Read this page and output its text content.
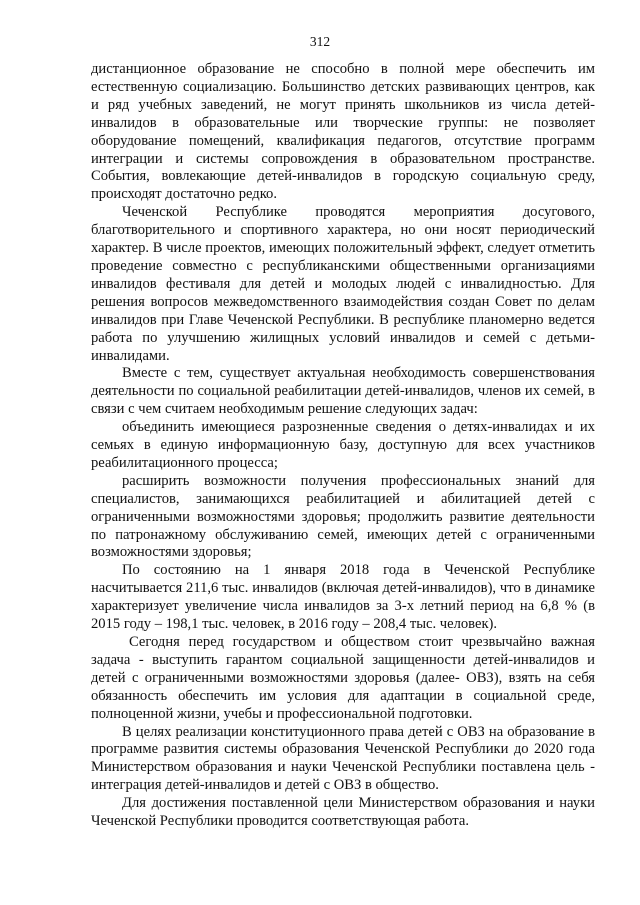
312

дистанционное образование не способно в полной мере обеспечить им естественную социализацию. Большинство детских развивающих центров, как и ряд учебных заведений, не могут принять школьников из числа детей-инвалидов в образовательные или творческие группы: не позволяет оборудование помещений, квалификация педагогов, отсутствие программ интеграции и системы сопровождения в образовательном пространстве. События, вовлекающие детей-инвалидов в городскую социальную среду, происходят достаточно редко.

Чеченской Республике проводятся мероприятия досугового, благотворительного и спортивного характера, но они носят периодический характер. В числе проектов, имеющих положительный эффект, следует отметить проведение совместно с республиканскими общественными организациями инвалидов фестиваля для детей и молодых людей с инвалидностью. Для решения вопросов межведомственного взаимодействия создан Совет по делам инвалидов при Главе Чеченской Республики. В республике планомерно ведется работа по улучшению жилищных условий инвалидов и семей с детьми-инвалидами.

Вместе с тем, существует актуальная необходимость совершенствования деятельности по социальной реабилитации детей-инвалидов, членов их семей, в связи с чем считаем необходимым решение следующих задач:

объединить имеющиеся разрозненные сведения о детях-инвалидах и их семьях в единую информационную базу, доступную для всех участников реабилитационного процесса;

расширить возможности получения профессиональных знаний для специалистов, занимающихся реабилитацией и абилитацией детей с ограниченными возможностями здоровья; продолжить развитие деятельности по патронажному обслуживанию семей, имеющих детей с ограниченными возможностями здоровья;

По состоянию на 1 января 2018 года в Чеченской Республике насчитывается 211,6 тыс. инвалидов (включая детей-инвалидов), что в динамике характеризует увеличение числа инвалидов за 3-х летний период на 6,8 % (в 2015 году – 198,1 тыс. человек, в 2016 году – 208,4 тыс. человек).

Сегодня перед государством и обществом стоит чрезвычайно важная задача - выступить гарантом социальной защищенности детей-инвалидов и детей с ограниченными возможностями здоровья (далее- ОВЗ), взять на себя обязанность обеспечить им условия для адаптации в социальной среде, полноценной жизни, учебы и профессиональной подготовки.

В целях реализации конституционного права детей с ОВЗ на образование в программе развития системы образования Чеченской Республики до 2020 года Министерством образования и науки Чеченской Республики поставлена цель - интеграция детей-инвалидов и детей с ОВЗ в общество.

Для достижения поставленной цели Министерством образования и науки Чеченской Республики проводится соответствующая работа.
